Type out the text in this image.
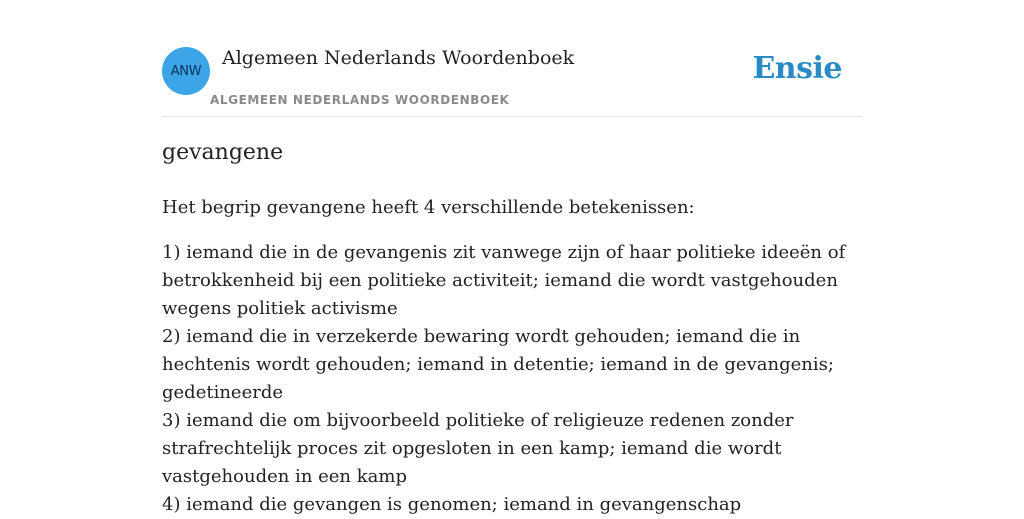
ANW
Algemeen Nederlands Woordenboek
ALGEMEEN NEDERLANDS WOORDENBOEK
Ensie
gevangene

Het begrip gevangene heeft 4 verschillende betekenissen:

1) iemand die in de gevangenis zit vanwege zijn of haar politieke ideeën of betrokkenheid bij een politieke activiteit; iemand die wordt vastgehouden wegens politiek activisme
2) iemand die in verzekerde bewaring wordt gehouden; iemand die in hechtenis wordt gehouden; iemand in detentie; iemand in de gevangenis; gedetineerde
3) iemand die om bijvoorbeeld politieke of religieuze redenen zonder strafrechtelijk proces zit opgesloten in een kamp; iemand die wordt vastgehouden in een kamp
4) iemand die gevangen is genomen; iemand in gevangenschap
